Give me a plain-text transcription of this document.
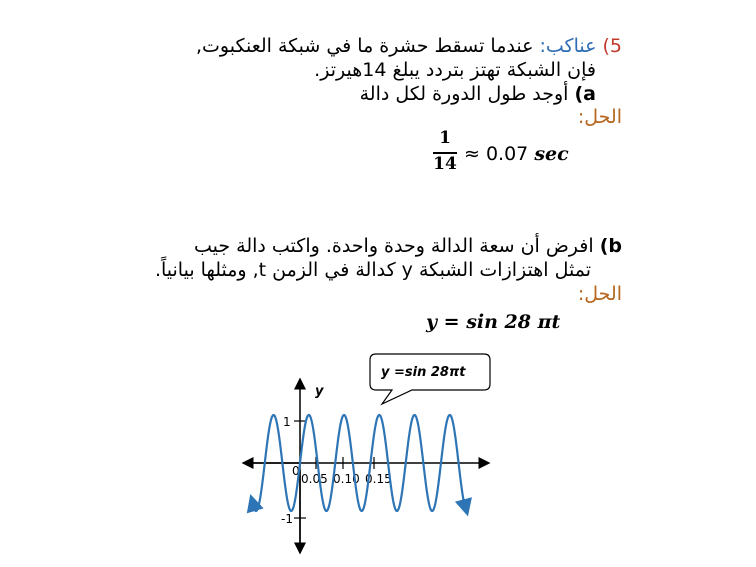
5) عناكب: عندما تسقط حشرة ما في شبكة العنكبوت,
فإن الشبكة تهتز بتردد يبلغ 14هيرتز.
a) أوجد طول الدورة لكل دالة
الحل:
1
14 ≈ 0.07 sec
b) افرض أن سعة الدالة وحدة واحدة. واكتب دالة جيب
تمثل اهتزازات الشبكة y كدالة في الزمن t, ومثلها بيانياً.
الحل:
y = sin 28 πt
y
0
1
-1
0.05 0.10 0.15
y =sin 28πt
